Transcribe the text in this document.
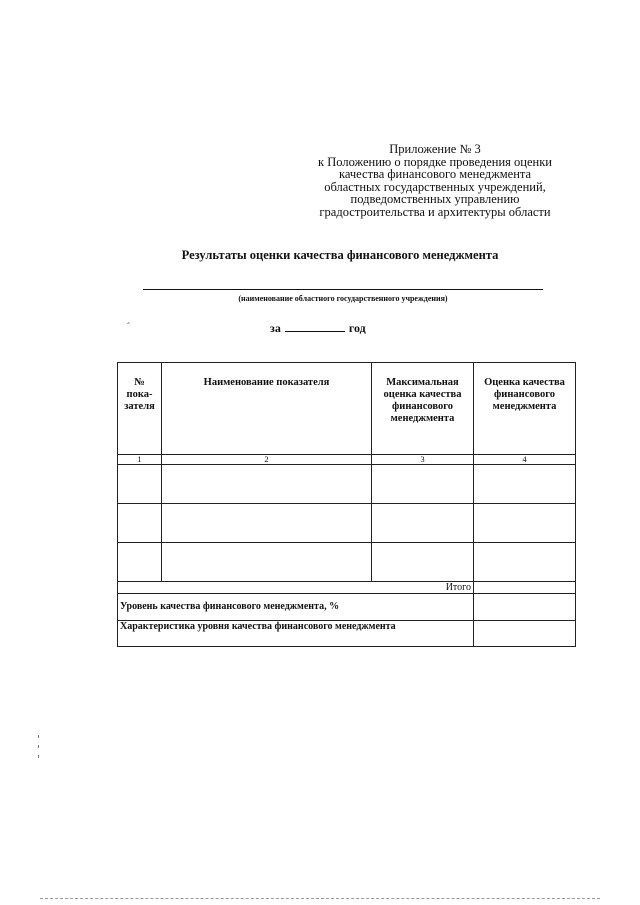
Приложение № 3
к Положению о порядке проведения оценки
качества финансового менеджмента
областных государственных учреждений,
подведомственных управлению
градостроительства и архитектуры области
Результаты оценки качества финансового менеджмента
(наименование областного государственного учреждения)
ˆ	за	год
№ пока-зателя	Наименование показателя	Максимальная оценка качества финансового менеджмента	Оценка качества финансового менеджмента
1	2	3	4

Итого			
Уровень качества финансового менеджмента, %			
Характеристика уровня качества финансового менеджмента			
